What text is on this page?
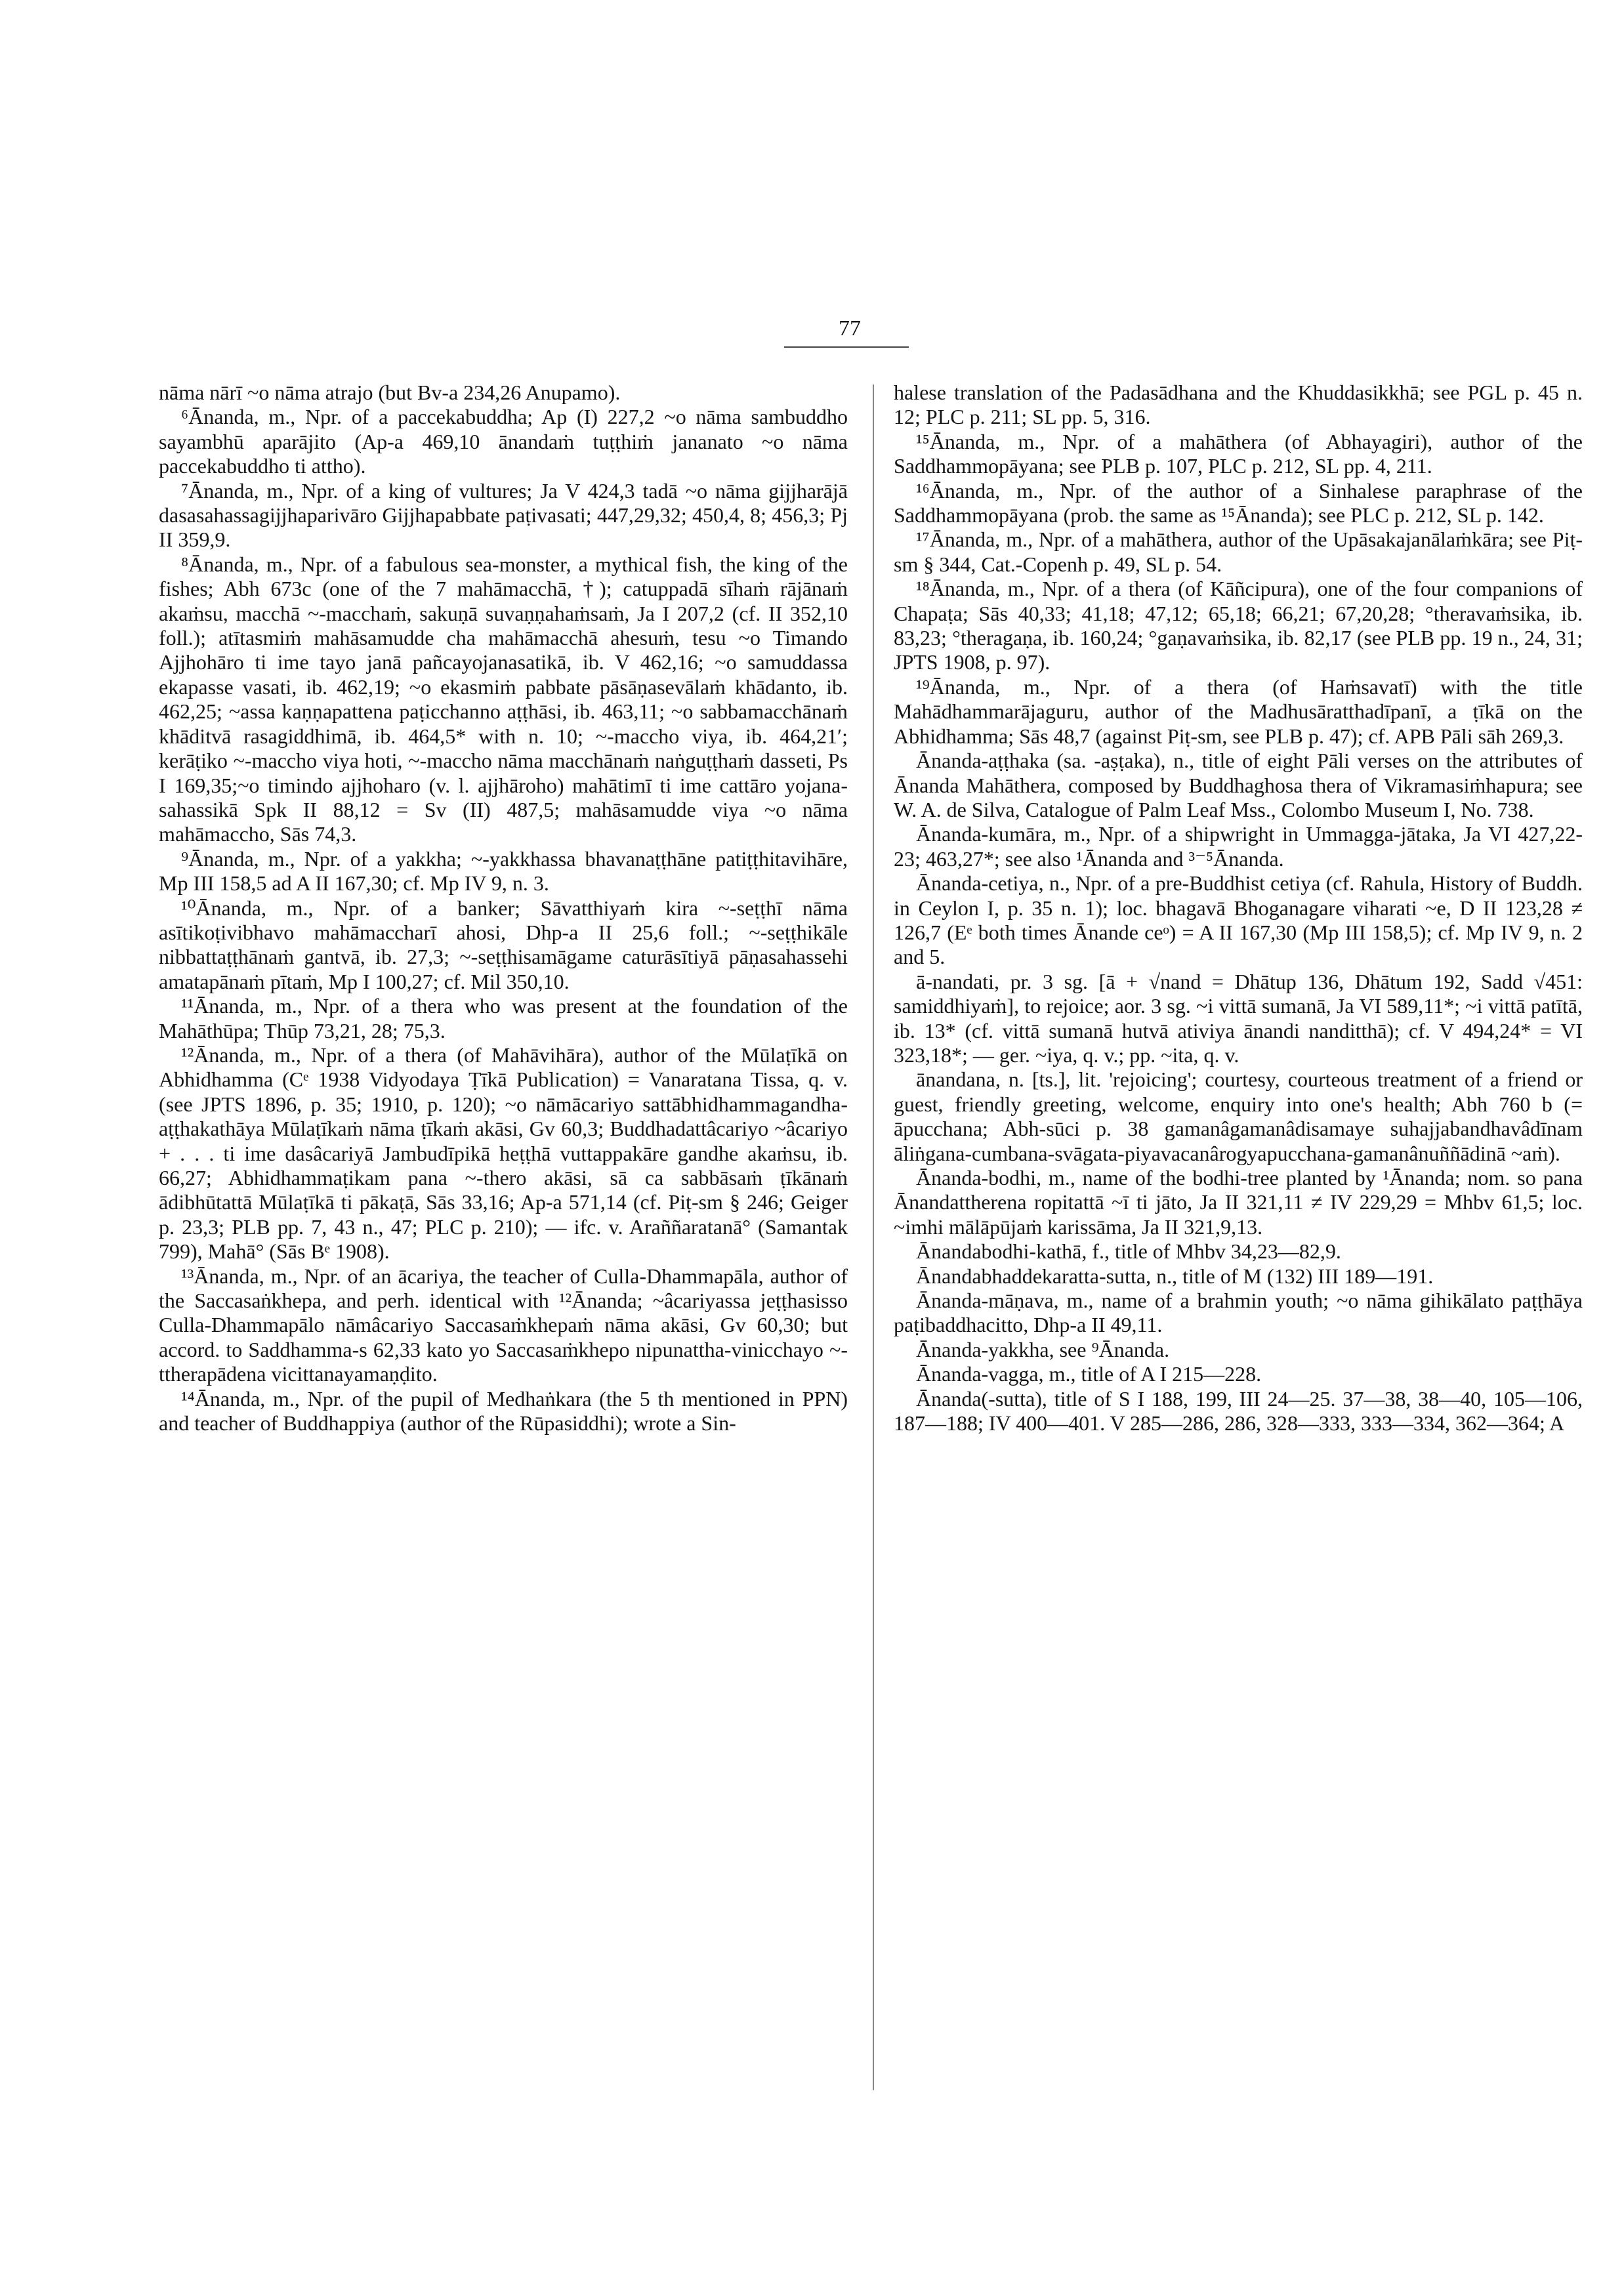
77

nāma nārī ~o nāma atrajo (but Bv-a 234,26 Anupamo).

⁶Ānanda, m., Npr. of a paccekabuddha; Ap (I) 227,2 ~o nāma sambuddho sayambhū aparājito (Ap-a 469,10 ānandaṁ tuṭṭhiṁ jananato ~o nāma paccekabuddho ti attho).

⁷Ānanda, m., Npr. of a king of vultures; Ja V 424,3 tadā ~o nāma gijjharājā dasasahassagijjhaparivāro Gijjhapabbate paṭivasati; 447,29,32; 450,4, 8; 456,3; Pj II 359,9.

⁸Ānanda, m., Npr. of a fabulous sea-monster, a mythical fish, the king of the fishes; Abh 673c (one of the 7 mahāmacchā, †); catuppadā sīhaṁ rājānaṁ akaṁsu, macchā ~-macchaṁ, sakuṇā suvaṇṇahaṁsaṁ, Ja I 207,2 (cf. II 352,10 foll.); atītasmiṁ mahāsamudde cha mahāmacchā ahesuṁ, tesu ~o Timando Ajjhohāro ti ime tayo janā pañcayojanasatikā, ib. V 462,16; ~o samuddassa ekapasse vasati, ib. 462,19; ~o ekasmiṁ pabbate pāsāṇasevālaṁ khādanto, ib. 462,25; ~assa kaṇṇapattena paṭicchanno aṭṭhāsi, ib. 463,11; ~o sabbamacchānaṁ khāditvā rasagiddhimā, ib. 464,5* with n. 10; ~-maccho viya, ib. 464,21′; kerāṭiko ~-maccho viya hoti, ~-maccho nāma macchānaṁ naṅguṭṭhaṁ dasseti, Ps I 169,35;~o timindo ajjhoharo (v. l. ajjhāroho) mahātimī ti ime cattāro yojana-sahassikā Spk II 88,12 = Sv (II) 487,5; mahāsamudde viya ~o nāma mahāmaccho, Sās 74,3.

⁹Ānanda, m., Npr. of a yakkha; ~-yakkhassa bhavanaṭṭhāne patiṭṭhitavihāre, Mp III 158,5 ad A II 167,30; cf. Mp IV 9, n. 3.

¹⁰Ānanda, m., Npr. of a banker; Sāvatthiyaṁ kira ~-seṭṭhī nāma asītikoṭivibhavo mahāmaccharī ahosi, Dhp-a II 25,6 foll.; ~-seṭṭhikāle nibbattaṭṭhānaṁ gantvā, ib. 27,3; ~-seṭṭhisamāgame caturāsītiyā pāṇasahassehi amatapānaṁ pītaṁ, Mp I 100,27; cf. Mil 350,10.

¹¹Ānanda, m., Npr. of a thera who was present at the foundation of the Mahāthūpa; Thūp 73,21, 28; 75,3.

¹²Ānanda, m., Npr. of a thera (of Mahāvihāra), author of the Mūlaṭīkā on Abhidhamma (Cᵉ 1938 Vidyodaya Ṭīkā Publication) = Vanaratana Tissa, q. v. (see JPTS 1896, p. 35; 1910, p. 120); ~o nāmācariyo sattābhidhammagandha-aṭṭhakathāya Mūlaṭīkaṁ nāma ṭīkaṁ akāsi, Gv 60,3; Buddhadattâcariyo ~âcariyo + . . . ti ime dasâcariyā Jambudīpikā heṭṭhā vuttappakāre gandhe akaṁsu, ib. 66,27; Abhidhammaṭikam pana ~-thero akāsi, sā ca sabbāsaṁ ṭīkānaṁ ādibhūtattā Mūlaṭīkā ti pākaṭā, Sās 33,16; Ap-a 571,14 (cf. Piṭ-sm § 246; Geiger p. 23,3; PLB pp. 7, 43 n., 47; PLC p. 210); — ifc. v. Araññaratanā° (Samantak 799), Mahā° (Sās Bᵉ 1908).

¹³Ānanda, m., Npr. of an ācariya, the teacher of Culla-Dhammapāla, author of the Saccasaṅkhepa, and perh. identical with ¹²Ānanda; ~âcariyassa jeṭṭhasisso Culla-Dhammapālo nāmâcariyo Saccasaṁkhepaṁ nāma akāsi, Gv 60,30; but accord. to Saddhamma-s 62,33 kato yo Saccasaṁkhepo nipunattha-vinicchayo ~-ttherapādena vicittanayamaṇḍito.

¹⁴Ānanda, m., Npr. of the pupil of Medhaṅkara (the 5 th mentioned in PPN) and teacher of Buddhappiya (author of the Rūpasiddhi); wrote a Sin-

halese translation of the Padasādhana and the Khuddasikkhā; see PGL p. 45 n. 12; PLC p. 211; SL pp. 5, 316.

¹⁵Ānanda, m., Npr. of a mahāthera (of Abhayagiri), author of the Saddhammopāyana; see PLB p. 107, PLC p. 212, SL pp. 4, 211.

¹⁶Ānanda, m., Npr. of the author of a Sinhalese paraphrase of the Saddhammopāyana (prob. the same as ¹⁵Ānanda); see PLC p. 212, SL p. 142.

¹⁷Ānanda, m., Npr. of a mahāthera, author of the Upāsakajanālaṁkāra; see Piṭ-sm § 344, Cat.-Copenh p. 49, SL p. 54.

¹⁸Ānanda, m., Npr. of a thera (of Kāñcipura), one of the four companions of Chapaṭa; Sās 40,33; 41,18; 47,12; 65,18; 66,21; 67,20,28; °theravaṁsika, ib. 83,23; °theragaṇa, ib. 160,24; °gaṇavaṁsika, ib. 82,17 (see PLB pp. 19 n., 24, 31; JPTS 1908, p. 97).

¹⁹Ānanda, m., Npr. of a thera (of Haṁsavatī) with the title Mahādhammarājaguru, author of the Madhusāratthadīpanī, a ṭīkā on the Abhidhamma; Sās 48,7 (against Piṭ-sm, see PLB p. 47); cf. APB Pāli sāh 269,3.

Ānanda-aṭṭhaka (sa. -aṣṭaka), n., title of eight Pāli verses on the attributes of Ānanda Mahāthera, composed by Buddhaghosa thera of Vikramasiṁhapura; see W. A. de Silva, Catalogue of Palm Leaf Mss., Colombo Museum I, No. 738.

Ānanda-kumāra, m., Npr. of a shipwright in Ummagga-jātaka, Ja VI 427,22-23; 463,27*; see also ¹Ānanda and ³⁻⁵Ānanda.

Ānanda-cetiya, n., Npr. of a pre-Buddhist cetiya (cf. Rahula, History of Buddh. in Ceylon I, p. 35 n. 1); loc. bhagavā Bhoganagare viharati ~e, D II 123,28 ≠ 126,7 (Eᵉ both times Ānande ceᵒ) = A II 167,30 (Mp III 158,5); cf. Mp IV 9, n. 2 and 5.

ā-nandati, pr. 3 sg. [ā + √nand = Dhātup 136, Dhātum 192, Sadd √451: samiddhiyaṁ], to rejoice; aor. 3 sg. ~i vittā sumanā, Ja VI 589,11*; ~i vittā patītā, ib. 13* (cf. vittā sumanā hutvā ativiya ānandi nanditthā); cf. V 494,24* = VI 323,18*; — ger. ~iya, q. v.; pp. ~ita, q. v.

ānandana, n. [ts.], lit. 'rejoicing'; courtesy, courteous treatment of a friend or guest, friendly greeting, welcome, enquiry into one's health; Abh 760 b (= āpucchana; Abh-sūci p. 38 gamanâgamanâdisamaye suhajjabandhavâdīnam āliṅgana-cumbana-svāgata-piyavacanârogyapucchana-gamanânuññādinā ~aṁ).

Ānanda-bodhi, m., name of the bodhi-tree planted by ¹Ānanda; nom. so pana Ānandattherena ropitattā ~ī ti jāto, Ja II 321,11 ≠ IV 229,29 = Mhbv 61,5; loc. ~imhi mālāpūjaṁ karissāma, Ja II 321,9,13.

Ānandabodhi-kathā, f., title of Mhbv 34,23—82,9.

Ānandabhaddekaratta-sutta, n., title of M (132) III 189—191.

Ānanda-māṇava, m., name of a brahmin youth; ~o nāma gihikālato paṭṭhāya paṭibaddhacitto, Dhp-a II 49,11.

Ānanda-yakkha, see ⁹Ānanda.

Ānanda-vagga, m., title of A I 215—228.

Ānanda(-sutta), title of S I 188, 199, III 24—25. 37—38, 38—40, 105—106, 187—188; IV 400—401. V 285—286, 286, 328—333, 333—334, 362—364; A
